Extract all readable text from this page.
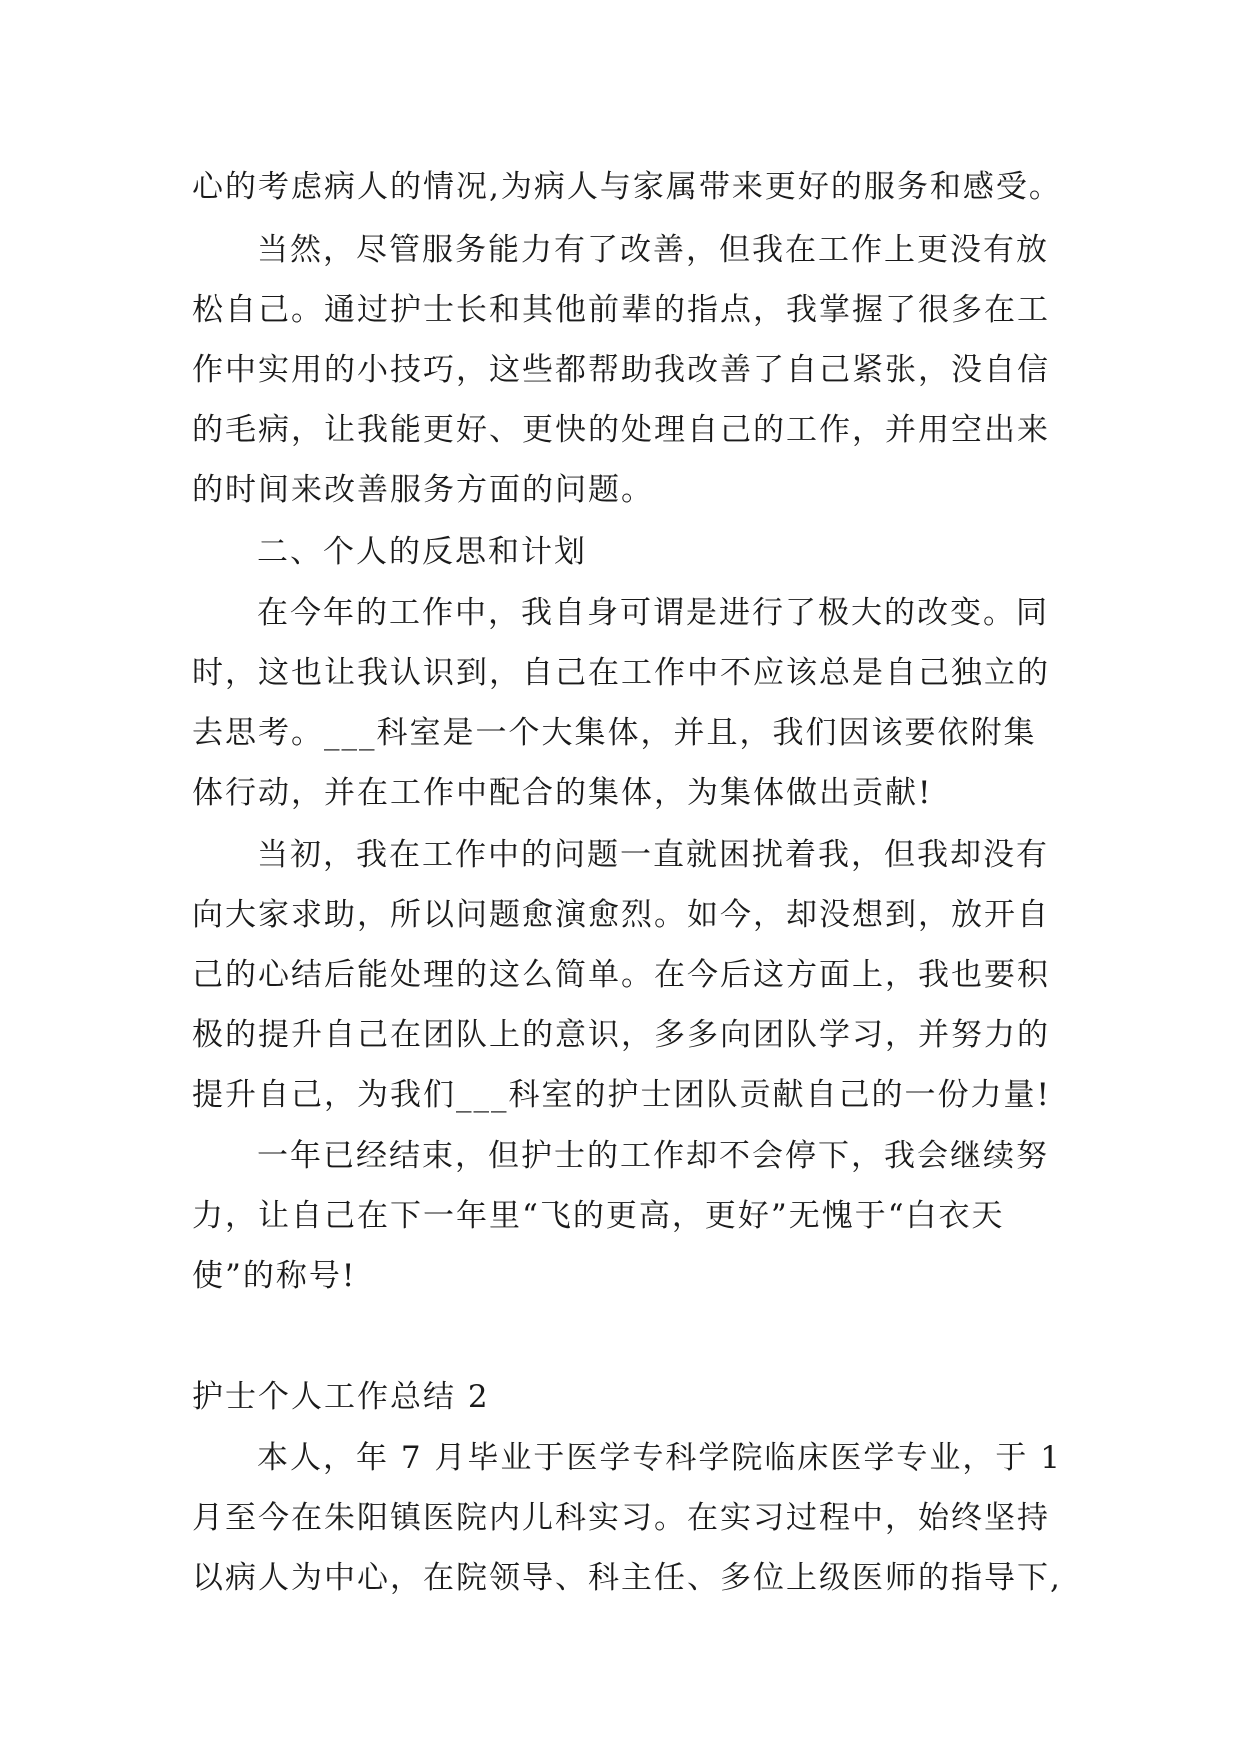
心的考虑病人的情况,为病人与家属带来更好的服务和感受。
当然，尽管服务能力有了改善，但我在工作上更没有放
松自己。通过护士长和其他前辈的指点，我掌握了很多在工
作中实用的小技巧，这些都帮助我改善了自己紧张，没自信
的毛病，让我能更好、更快的处理自己的工作，并用空出来
的时间来改善服务方面的问题。
二、个人的反思和计划
在今年的工作中，我自身可谓是进行了极大的改变。同
时，这也让我认识到，自己在工作中不应该总是自己独立的
去思考。___科室是一个大集体，并且，我们因该要依附集
体行动，并在工作中配合的集体，为集体做出贡献!
当初，我在工作中的问题一直就困扰着我，但我却没有
向大家求助，所以问题愈演愈烈。如今，却没想到，放开自
己的心结后能处理的这么简单。在今后这方面上，我也要积
极的提升自己在团队上的意识，多多向团队学习，并努力的
提升自己，为我们___科室的护士团队贡献自己的一份力量!
一年已经结束，但护士的工作却不会停下，我会继续努
力，让自己在下一年里“飞的更高，更好”无愧于“白衣天
使”的称号!
护士个人工作总结 2
本人，年 7 月毕业于医学专科学院临床医学专业，于 1
月至今在朱阳镇医院内儿科实习。在实习过程中，始终坚持
以病人为中心，在院领导、科主任、多位上级医师的指导下,
